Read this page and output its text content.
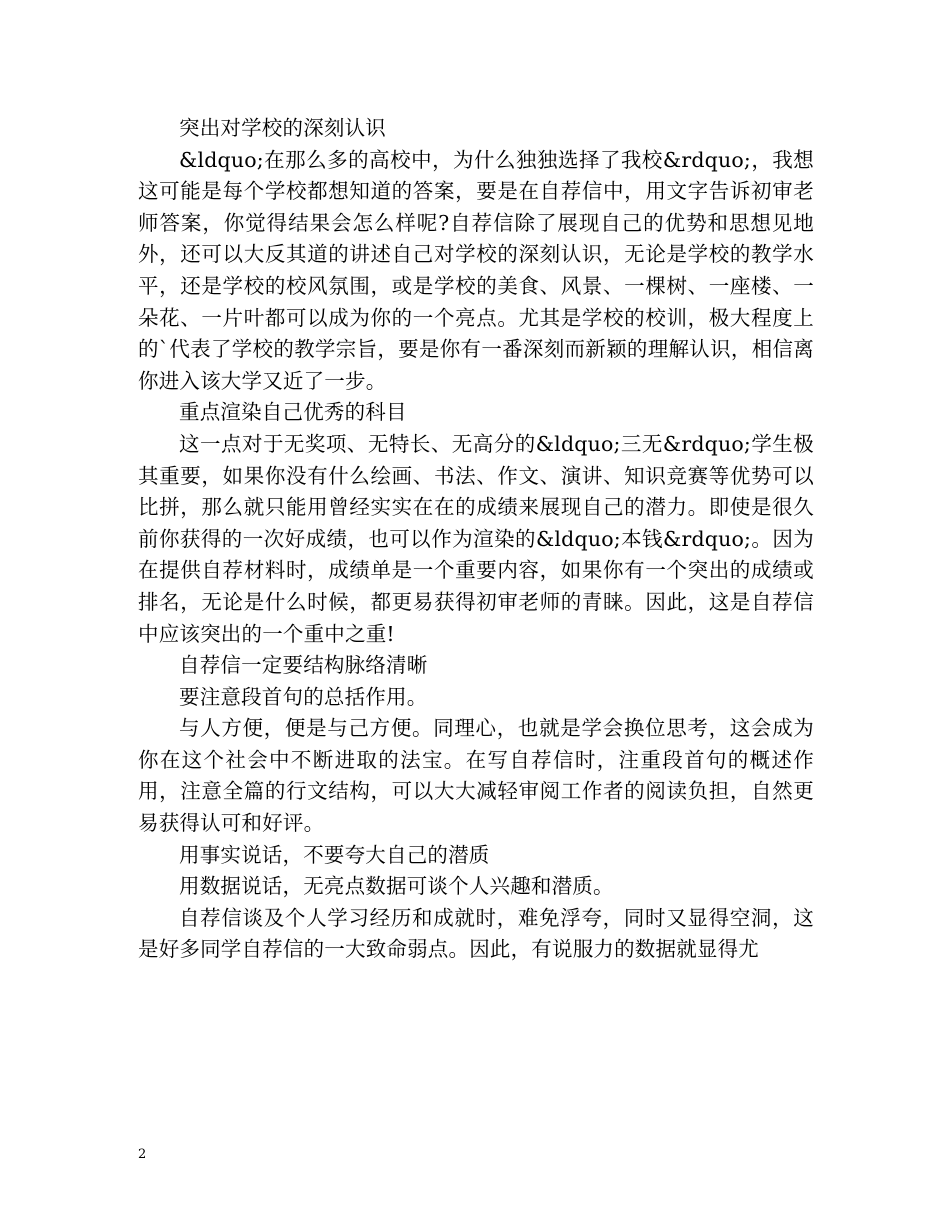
突出对学校的深刻认识

&ldquo;在那么多的高校中，为什么独独选择了我校&rdquo;，我想这可能是每个学校都想知道的答案，要是在自荐信中，用文字告诉初审老师答案，你觉得结果会怎么样呢?自荐信除了展现自己的优势和思想见地外，还可以大反其道的讲述自己对学校的深刻认识，无论是学校的教学水平，还是学校的校风氛围，或是学校的美食、风景、一棵树、一座楼、一朵花、一片叶都可以成为你的一个亮点。尤其是学校的校训，极大程度上的`代表了学校的教学宗旨，要是你有一番深刻而新颖的理解认识，相信离你进入该大学又近了一步。

重点渲染自己优秀的科目

这一点对于无奖项、无特长、无高分的&ldquo;三无&rdquo;学生极其重要，如果你没有什么绘画、书法、作文、演讲、知识竞赛等优势可以比拼，那么就只能用曾经实实在在的成绩来展现自己的潜力。即使是很久前你获得的一次好成绩，也可以作为渲染的&ldquo;本钱&rdquo;。因为在提供自荐材料时，成绩单是一个重要内容，如果你有一个突出的成绩或排名，无论是什么时候，都更易获得初审老师的青睐。因此，这是自荐信中应该突出的一个重中之重!

自荐信一定要结构脉络清晰

要注意段首句的总括作用。

与人方便，便是与己方便。同理心，也就是学会换位思考，这会成为你在这个社会中不断进取的法宝。在写自荐信时，注重段首句的概述作用，注意全篇的行文结构，可以大大减轻审阅工作者的阅读负担，自然更易获得认可和好评。

用事实说话，不要夸大自己的潜质

用数据说话，无亮点数据可谈个人兴趣和潜质。

自荐信谈及个人学习经历和成就时，难免浮夸，同时又显得空洞，这是好多同学自荐信的一大致命弱点。因此，有说服力的数据就显得尤

2
